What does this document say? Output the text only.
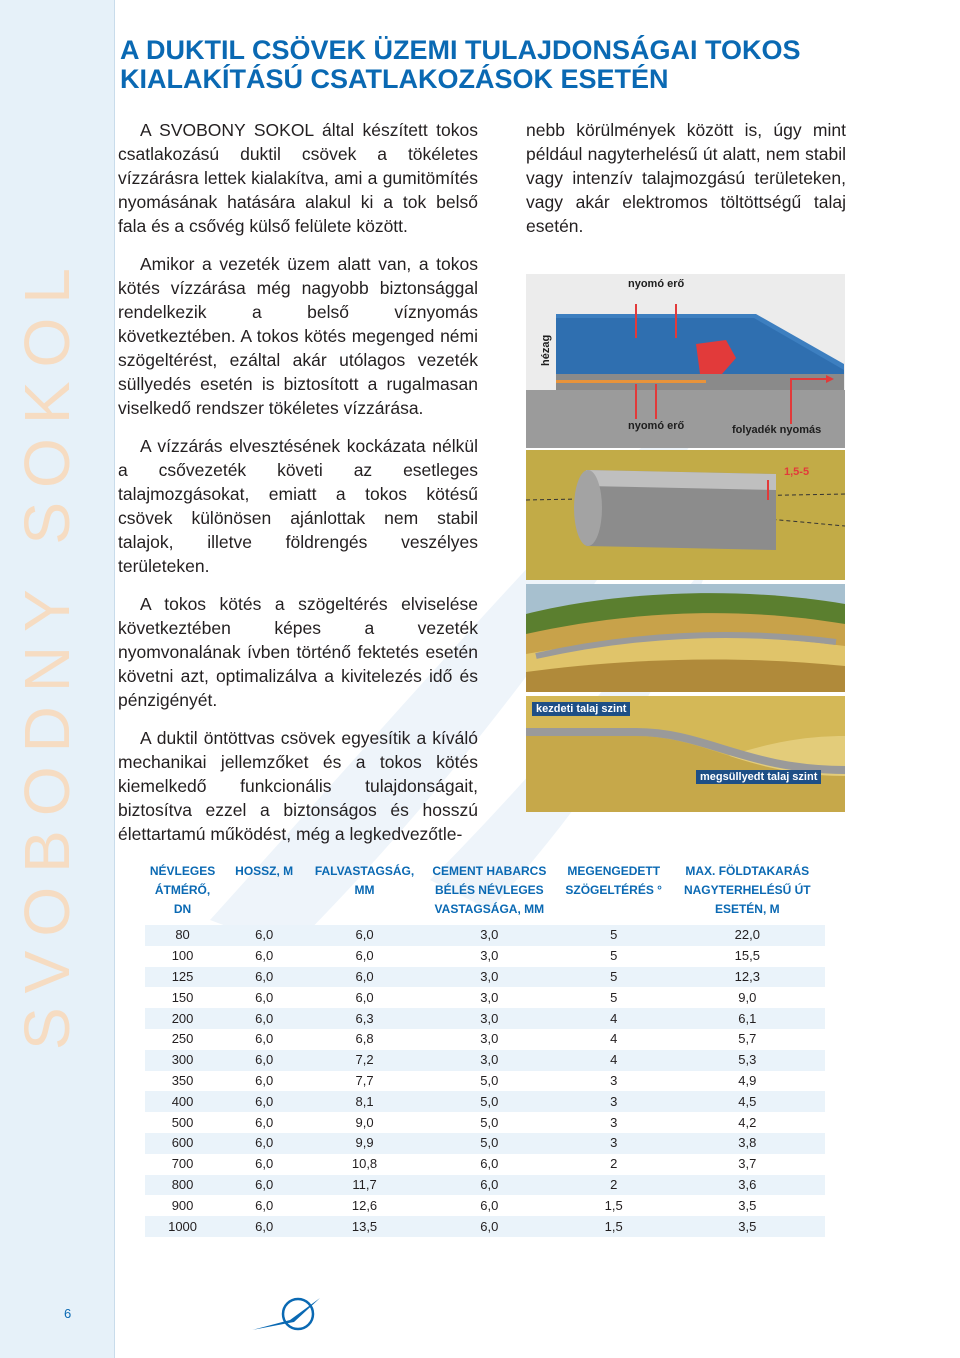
SVOBODNY SOKOL
A DUKTIL CSÖVEK ÜZEMI TULAJDONSÁGAI TOKOS
KIALAKÍTÁSÚ CSATLAKOZÁSOK ESETÉN

A SVOBONY SOKOL által készített tokos csatlakozású duktil csövek a tökéletes vízzárásra lettek kialakítva, ami a gumitömítés nyomásának hatására alakul ki a tok belső fala és a csővég külső felülete között.

Amikor a vezeték üzem alatt van, a tokos kötés vízzárása még nagyobb biztonsággal rendelkezik a belső víznyomás következtében. A tokos kötés megenged némi szögeltérést, ezáltal akár utólagos vezeték süllyedés esetén is biztosított a rugalmasan viselkedő rendszer tökéletes vízzárása.

A vízzárás elvesztésének kockázata nélkül a csővezeték követi az esetleges talajmozgásokat, emiatt a tokos kötésű csövek különösen ajánlottak nem stabil talajok, illetve földrengés veszélyes területeken.

A tokos kötés a szögeltérés elviselése következtében képes a vezeték nyomvonalának ívben történő fektetés esetén követni azt, optimalizálva a kivitelezés idő és pénzigényét.

A duktil öntöttvas csövek egyesítik a kíváló mechanikai jellemzőket és a tokos kötés kiemelkedő funkcionális tulajdonságait, biztosítva ezzel a biztonságos és hosszú élettartamú működést, még a legkedvezőtle-

nebb körülmények között is, úgy mint például nagyterhelésű út alatt, nem stabil vagy intenzív talajmozgású területeken, vagy akár elektromos töltöttségű talaj esetén.

nyomó erő
hézag
nyomó erő	folyadék nyomás
1,5-5
kezdeti talaj szint
megsüllyedt talaj szint
NÉVLEGES ÁTMÉRŐ, DN	HOSSZ, M	FALVASTAGSÁG, MM	CEMENT HABARCS BÉLÉS NÉVLEGES VASTAGSÁGA, MM	MEGENGEDETT SZÖGELTÉRÉS °	MAX. FÖLDTAKARÁS NAGYTERHELÉSŰ ÚT ESETÉN, M
80	6,0	6,0	3,0	5	22,0
100	6,0	6,0	3,0	5	15,5
125	6,0	6,0	3,0	5	12,3
150	6,0	6,0	3,0	5	9,0
200	6,0	6,3	3,0	4	6,1
250	6,0	6,8	3,0	4	5,7
300	6,0	7,2	3,0	4	5,3
350	6,0	7,7	5,0	3	4,9
400	6,0	8,1	5,0	3	4,5
500	6,0	9,0	5,0	3	4,2
600	6,0	9,9	5,0	3	3,8
700	6,0	10,8	6,0	2	3,7
800	6,0	11,7	6,0	2	3,6
900	6,0	12,6	6,0	1,5	3,5
1000	6,0	13,5	6,0	1,5	3,5
6
